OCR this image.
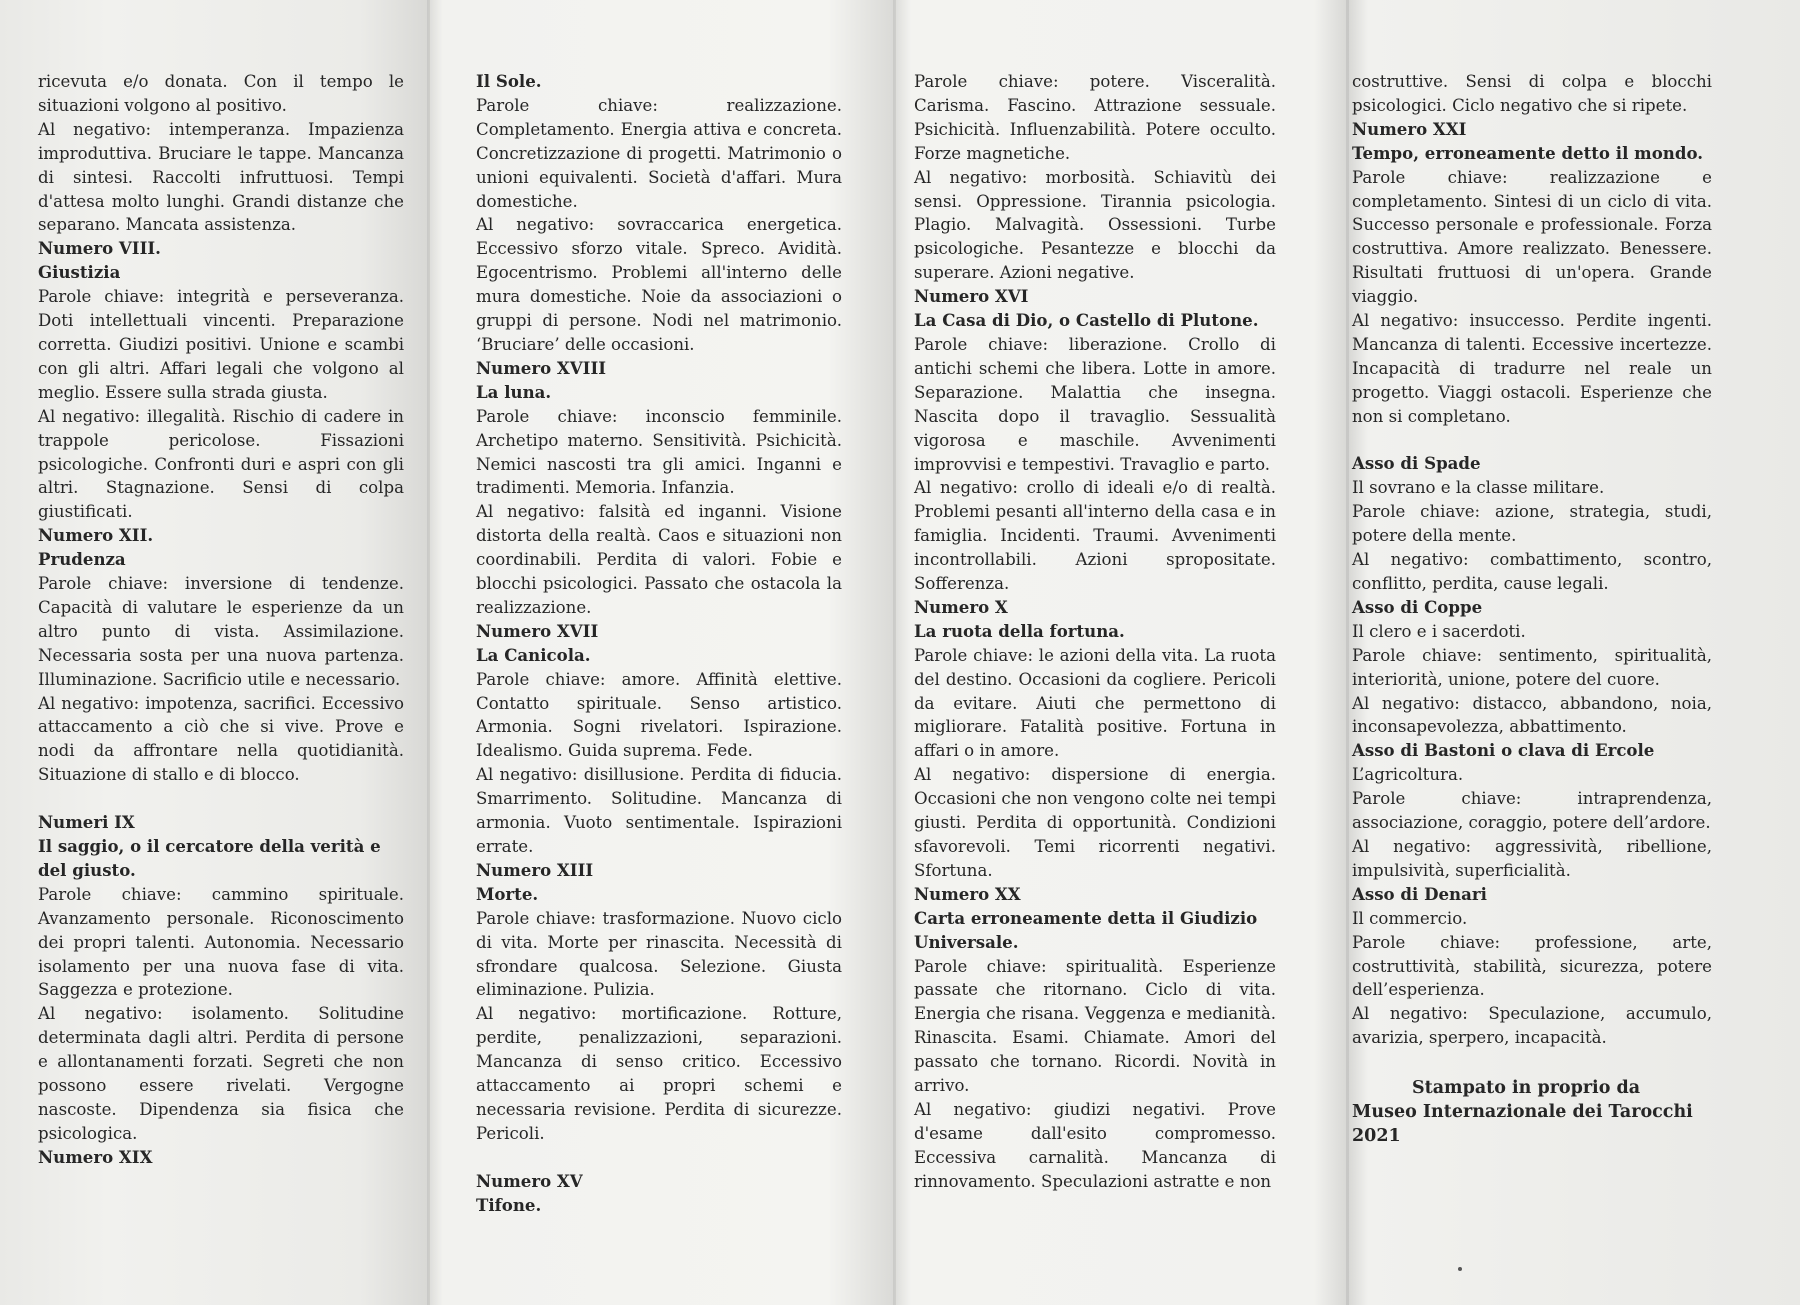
ricevuta e/o donata. Con il tempo le situazioni volgono al positivo.

Al negativo: intemperanza. Impazienza improduttiva. Bruciare le tappe. Mancanza di sintesi. Raccolti infruttuosi. Tempi d'attesa molto lunghi. Grandi distanze che separano. Mancata assistenza.

Numero VIII.

Giustizia

Parole chiave: integrità e perseveranza. Doti intellettuali vincenti. Preparazione corretta. Giudizi positivi. Unione e scambi con gli altri. Affari legali che volgono al meglio. Essere sulla strada giusta.

Al negativo: illegalità. Rischio di cadere in trappole pericolose. Fissazioni psicologiche. Confronti duri e aspri con gli altri. Stagnazione. Sensi di colpa giustificati.

Numero XII.

Prudenza

Parole chiave: inversione di tendenze. Capacità di valutare le esperienze da un altro punto di vista. Assimilazione. Necessaria sosta per una nuova partenza. Illuminazione. Sacrificio utile e necessario.

Al negativo: impotenza, sacrifici. Eccessivo attaccamento a ciò che si vive. Prove e nodi da affrontare nella quotidianità. Situazione di stallo e di blocco.

Numeri IX

Il saggio, o il cercatore della verità e del giusto.

Parole chiave: cammino spirituale. Avanzamento personale. Riconoscimento dei propri talenti. Autonomia. Necessario isolamento per una nuova fase di vita. Saggezza e protezione.

Al negativo: isolamento. Solitudine determinata dagli altri. Perdita di persone e allontanamenti forzati. Segreti che non possono essere rivelati. Vergogne nascoste. Dipendenza sia fisica che psicologica.

Numero XIX

Il Sole.

Parole chiave: realizzazione. Completamento. Energia attiva e concreta. Concretizzazione di progetti. Matrimonio o unioni equivalenti. Società d'affari. Mura domestiche.

Al negativo: sovraccarica energetica. Eccessivo sforzo vitale. Spreco. Avidità. Egocentrismo. Problemi all'interno delle mura domestiche. Noie da associazioni o gruppi di persone. Nodi nel matrimonio. ‘Bruciare’ delle occasioni.

Numero XVIII

La luna.

Parole chiave: inconscio femminile. Archetipo materno. Sensitività. Psichicità. Nemici nascosti tra gli amici. Inganni e tradimenti. Memoria. Infanzia.

Al negativo: falsità ed inganni. Visione distorta della realtà. Caos e situazioni non coordinabili. Perdita di valori. Fobie e blocchi psicologici. Passato che ostacola la realizzazione.

Numero XVII

La Canicola.

Parole chiave: amore. Affinità elettive. Contatto spirituale. Senso artistico. Armonia. Sogni rivelatori. Ispirazione. Idealismo. Guida suprema. Fede.

Al negativo: disillusione. Perdita di fiducia. Smarrimento. Solitudine. Mancanza di armonia. Vuoto sentimentale. Ispirazioni errate.

Numero XIII

Morte.

Parole chiave: trasformazione. Nuovo ciclo di vita. Morte per rinascita. Necessità di sfrondare qualcosa. Selezione. Giusta eliminazione. Pulizia.

Al negativo: mortificazione. Rotture, perdite, penalizzazioni, separazioni. Mancanza di senso critico. Eccessivo attaccamento ai propri schemi e necessaria revisione. Perdita di sicurezze. Pericoli.

Numero XV

Tifone.

Parole chiave: potere. Visceralità. Carisma. Fascino. Attrazione sessuale. Psichicità. Influenzabilità. Potere occulto. Forze magnetiche.

Al negativo: morbosità. Schiavitù dei sensi. Oppressione. Tirannia psicologia. Plagio. Malvagità. Ossessioni. Turbe psicologiche. Pesantezze e blocchi da superare. Azioni negative.

Numero XVI

La Casa di Dio, o Castello di Plutone.

Parole chiave: liberazione. Crollo di antichi schemi che libera. Lotte in amore. Separazione. Malattia che insegna. Nascita dopo il travaglio. Sessualità vigorosa e maschile. Avvenimenti improvvisi e tempestivi. Travaglio e parto.

Al negativo: crollo di ideali e/o di realtà. Problemi pesanti all'interno della casa e in famiglia. Incidenti. Traumi. Avvenimenti incontrollabili. Azioni spropositate. Sofferenza.

Numero X

La ruota della fortuna.

Parole chiave: le azioni della vita. La ruota del destino. Occasioni da cogliere. Pericoli da evitare. Aiuti che permettono di migliorare. Fatalità positive. Fortuna in affari o in amore.

Al negativo: dispersione di energia. Occasioni che non vengono colte nei tempi giusti. Perdita di opportunità. Condizioni sfavorevoli. Temi ricorrenti negativi. Sfortuna.

Numero XX

Carta erroneamente detta il Giudizio Universale.

Parole chiave: spiritualità. Esperienze passate che ritornano. Ciclo di vita. Energia che risana. Veggenza e medianità. Rinascita. Esami. Chiamate. Amori del passato che tornano. Ricordi. Novità in arrivo.

Al negativo: giudizi negativi. Prove d'esame dall'esito compromesso. Eccessiva carnalità. Mancanza di rinnovamento. Speculazioni astratte e non

costruttive. Sensi di colpa e blocchi psicologici. Ciclo negativo che si ripete.

Numero XXI

Tempo, erroneamente detto il mondo.

Parole chiave: realizzazione e completamento. Sintesi di un ciclo di vita. Successo personale e professionale. Forza costruttiva. Amore realizzato. Benessere. Risultati fruttuosi di un'opera. Grande viaggio.

Al negativo: insuccesso. Perdite ingenti. Mancanza di talenti. Eccessive incertezze. Incapacità di tradurre nel reale un progetto. Viaggi ostacoli. Esperienze che non si completano.

Asso di Spade

Il sovrano e la classe militare.

Parole chiave: azione, strategia, studi, potere della mente.

Al negativo: combattimento, scontro, conflitto, perdita, cause legali.

Asso di Coppe

Il clero e i sacerdoti.

Parole chiave: sentimento, spiritualità, interiorità, unione, potere del cuore.

Al negativo: distacco, abbandono, noia, inconsapevolezza, abbattimento.

Asso di Bastoni o clava di Ercole

L’agricoltura.

Parole chiave: intraprendenza, associazione, coraggio, potere dell’ardore.

Al negativo: aggressività, ribellione, impulsività, superficialità.

Asso di Denari

Il commercio.

Parole chiave: professione, arte, costruttività, stabilità, sicurezza, potere dell’esperienza.

Al negativo: Speculazione, accumulo, avarizia, sperpero, incapacità.

Stampato in proprio da
Museo Internazionale dei Tarocchi
2021
